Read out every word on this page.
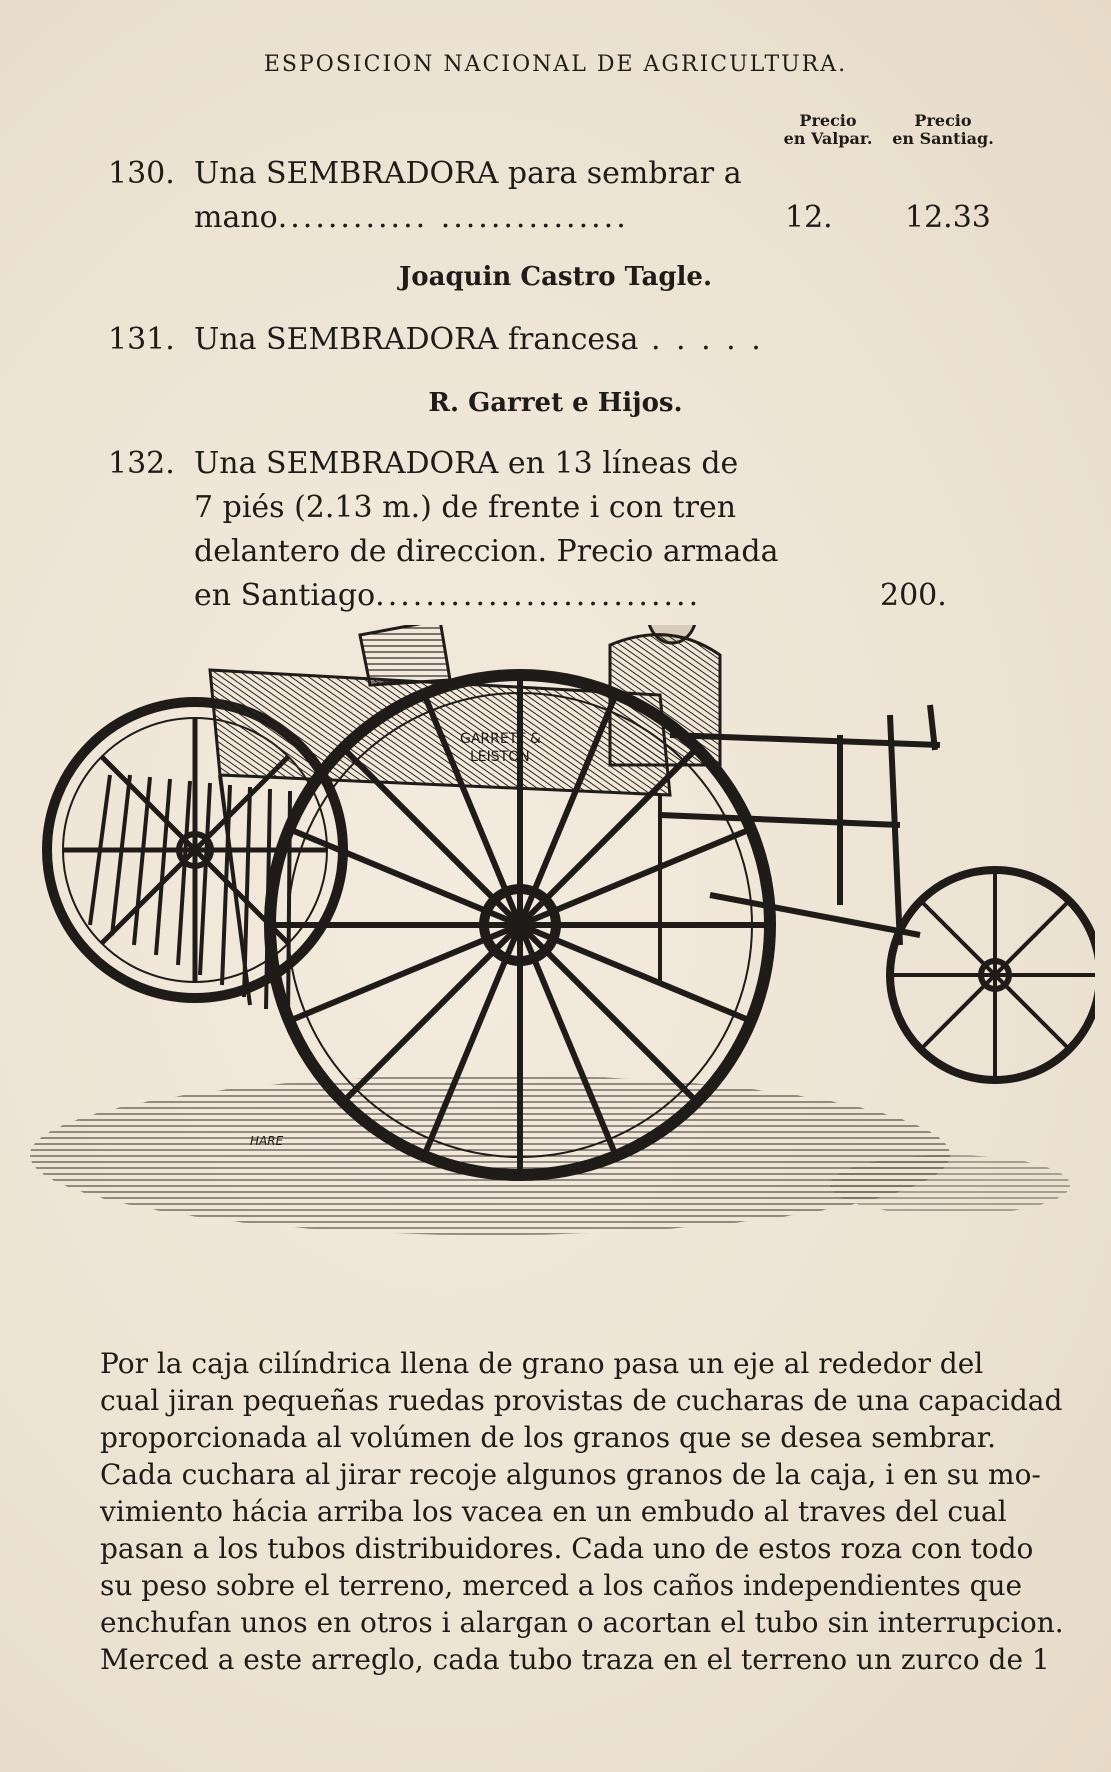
ESPOSICION NACIONAL DE AGRICULTURA.
Precio
en Valpar.
Precio
en Santiag.
130. Una SEMBRADORA para sembrar a
mano............ ...............	12. 12.33
Joaquin Castro Tagle.
131. Una SEMBRADORA francesa . . . . .
R. Garret e Hijos.
132. Una SEMBRADORA en 13 líneas de
7 piés (2.13 m.) de frente i con tren
delantero de direccion. Precio armada
en Santiago..........................	200.
GARRETT &
LEISTON
HARE
Por la caja cilíndrica llena de grano pasa un eje al rededor del
cual jiran pequeñas ruedas provistas de cucharas de una capacidad
proporcionada al volúmen de los granos que se desea sembrar.
Cada cuchara al jirar recoje algunos granos de la caja, i en su mo-
vimiento hácia arriba los vacea en un embudo al traves del cual
pasan a los tubos distribuidores. Cada uno de estos roza con todo
su peso sobre el terreno, merced a los caños independientes que
enchufan unos en otros i alargan o acortan el tubo sin interrupcion.
Merced a este arreglo, cada tubo traza en el terreno un zurco de 1
